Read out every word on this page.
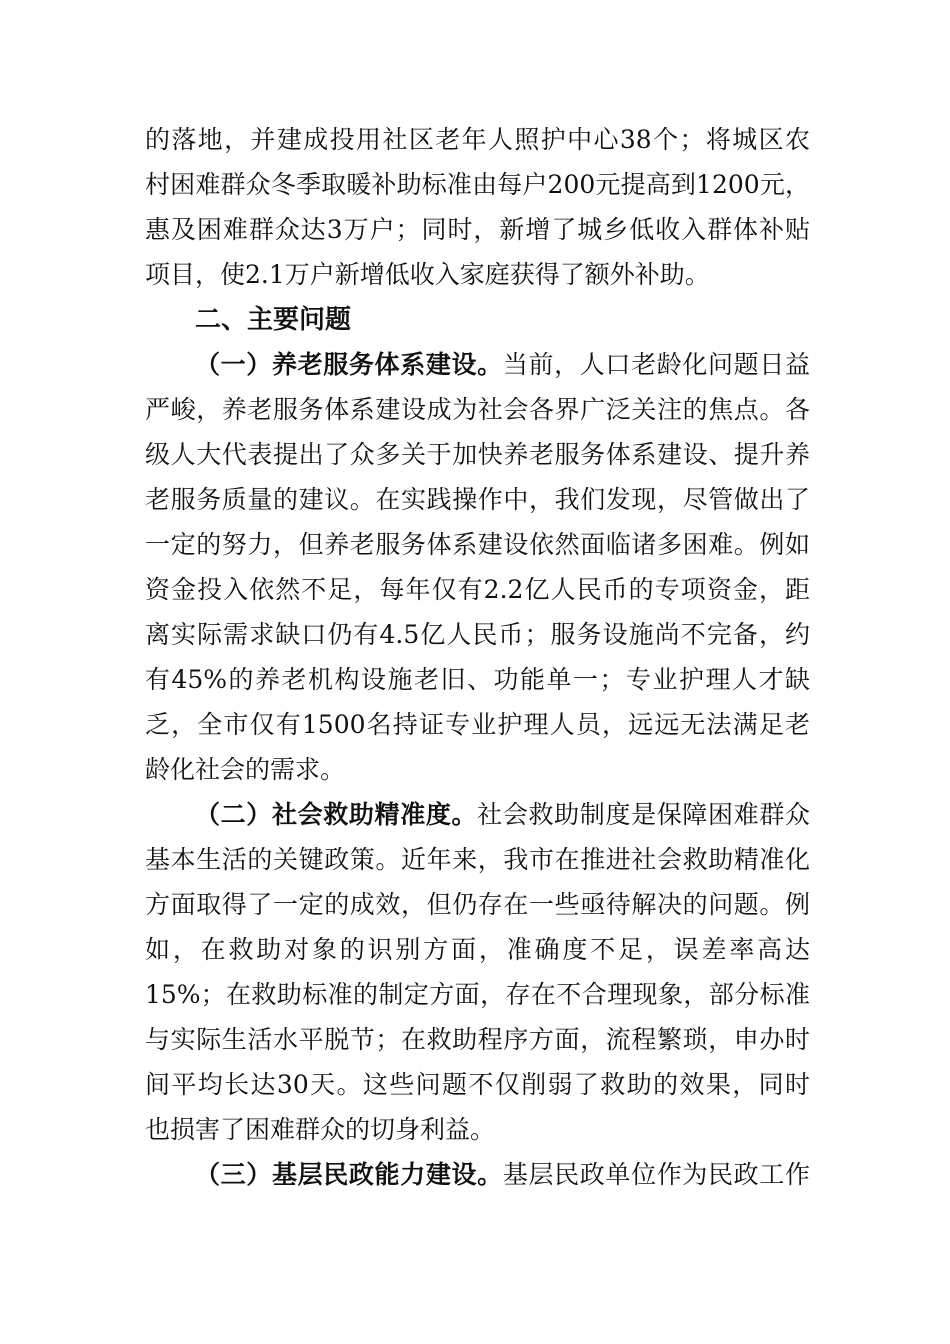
的落地，并建成投用社区老年人照护中心38个；将城区农
村困难群众冬季取暖补助标准由每户200元提高到1200元，
惠及困难群众达3万户；同时，新增了城乡低收入群体补贴
项目，使2.1万户新增低收入家庭获得了额外补助。
二、主要问题
（一）养老服务体系建设。当前，人口老龄化问题日益
严峻，养老服务体系建设成为社会各界广泛关注的焦点。各
级人大代表提出了众多关于加快养老服务体系建设、提升养
老服务质量的建议。在实践操作中，我们发现，尽管做出了
一定的努力，但养老服务体系建设依然面临诸多困难。例如
资金投入依然不足，每年仅有2.2亿人民币的专项资金，距
离实际需求缺口仍有4.5亿人民币；服务设施尚不完备，约
有45%的养老机构设施老旧、功能单一；专业护理人才缺
乏，全市仅有1500名持证专业护理人员，远远无法满足老
龄化社会的需求。
（二）社会救助精准度。社会救助制度是保障困难群众
基本生活的关键政策。近年来，我市在推进社会救助精准化
方面取得了一定的成效，但仍存在一些亟待解决的问题。例
如，在救助对象的识别方面，准确度不足，误差率高达
15%；在救助标准的制定方面，存在不合理现象，部分标准
与实际生活水平脱节；在救助程序方面，流程繁琐，申办时
间平均长达30天。这些问题不仅削弱了救助的效果，同时
也损害了困难群众的切身利益。
（三）基层民政能力建设。基层民政单位作为民政工作
